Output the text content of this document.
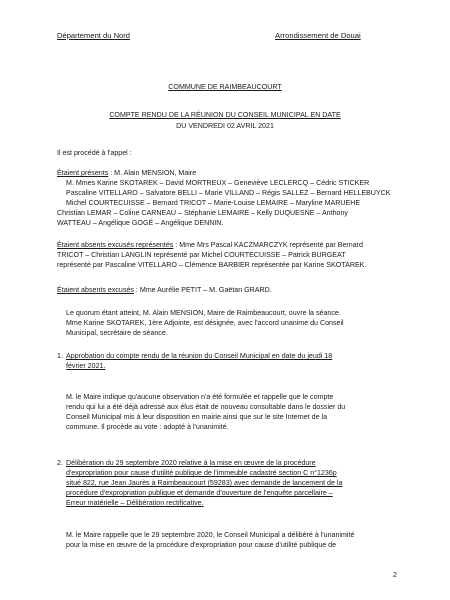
Département du Nord	Arrondissement de Douai
COMMUNE DE RAIMBEAUCOURT
COMPTE RENDU DE LA RÉUNION DU CONSEIL MUNICIPAL EN DATE
DU VENDREDI 02 AVRIL 2021
Il est procédé à l'appel :

Étaient présents : M. Alain MENSION, Maire

M. Mmes Karine SKOTAREK – David MORTREUX – Geneviève LECLERCQ – Cédric STICKER

Pascaline VITELLARO – Salvatore BELLI – Marie VILLAND – Régis SALLEZ – Bernard HELLEBUYCK

Michel COURTECUISSE – Bernard TRICOT – Marie-Louise LEMAIRE – Maryline MARUEHE

Christian LEMAR – Coline CARNEAU – Stéphanie LEMAIRE – Kelly DUQUESNE – Anthony

WATTEAU – Angélique GOGÉ – Angélique DENNIN.

Étaient absents excusés représentés : Mme Mrs Pascal KACZMARCZYK représenté par Bernard

TRICOT – Christian LANGLIN représenté par Michel COURTECUISSE – Patrick BURGEAT

représenté par Pascaline VITELLARO – Clémence BARBIER représentée par Karine SKOTAREK.

Étaient absents excusés : Mme Aurélie PETIT – M. Gaëtan GRARD.

Le quorum étant atteint, M. Alain MENSION, Maire de Raimbeaucourt, ouvre la séance.

Mme Karine SKOTAREK, 1ère Adjointe, est désignée, avec l'accord unanime du Conseil

Municipal, secrétaire de séance.

1. Approbation du compte rendu de la réunion du Conseil Municipal en date du jeudi 18

février 2021.

M. le Maire indique qu'aucune observation n'a été formulée et rappelle que le compte

rendu qui lui a été déjà adressé aux élus était de nouveau consultable dans le dossier du

Conseil Municipal mis à leur disposition en mairie ainsi que sur le site Internet de la

commune. Il procède au vote : adopté à l'unanimité.

2. Délibération du 29 septembre 2020 relative à la mise en œuvre de la procédure

d'expropriation pour cause d'utilité publique de l'immeuble cadastré section C n°1236p

situé 822, rue Jean Jaurès à Raimbeaucourt (59283) avec demande de lancement de la

procédure d'expropriation publique et demande d'ouverture de l'enquête parcellaire –

Erreur matérielle – Délibération rectificative.

M. le Maire rappelle que le 29 septembre 2020, le Conseil Municipal a délibéré à l'unanimité

pour la mise en œuvre de la procédure d'expropriation pour cause d'utilité publique de

2
